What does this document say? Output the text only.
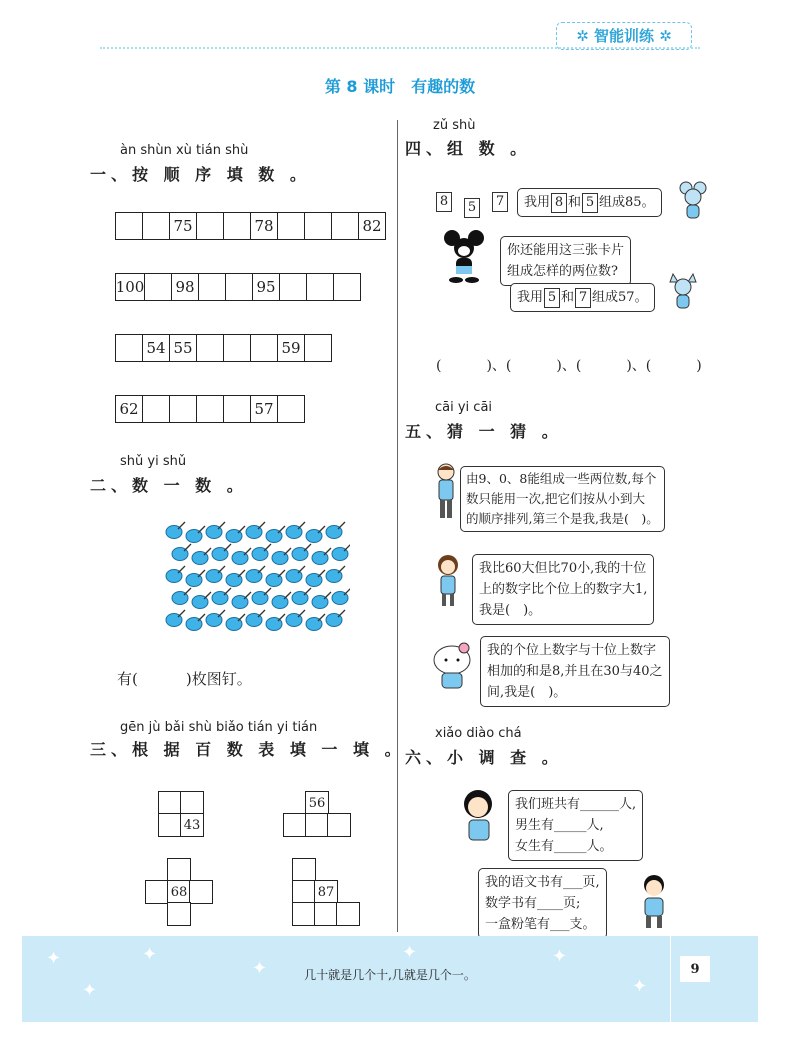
✲ 智能训练 ✲
第 8 课时　有趣的数
àn shùn xù tián shù
一、按 顺 序 填 数 。
75	78	82
100 98	95
54 55	59
62	57
shǔ yi shǔ
二、数 一 数 。
有(	)枚图钉。
gēn jù bǎi shù biǎo tián yi tián
三、根 据 百 数 表 填 一 填 。
43
56
68	87
zǔ shù
四、组 数 。
8 5 7	我用 8 和 5 组成85。
你还能用这三张卡片
组成怎样的两位数?
我用 5 和 7 组成57。
(	)、(	)、(	)、(	)
cāi yi cāi
五、猜 一 猜 。
由9、0、8能组成一些两位数,每个
数只能用一次,把它们按从小到大
的顺序排列,第三个是我,我是(　)。
我比60大但比70小,我的十位
上的数字比个位上的数字大1,
我是(　)。
我的个位上数字与十位上数字
相加的和是8,并且在30与40之
间,我是(　)。
xiǎo diào chá
六、小 调 查 。
我们班共有______人,
男生有_____人,
女生有_____人。
我的语文书有___页,
数学书有____页;
一盒粉笔有___支。
✦
✦
✦
✦
✦	✦
✦
几十就是几个十,几就是几个一。	9
